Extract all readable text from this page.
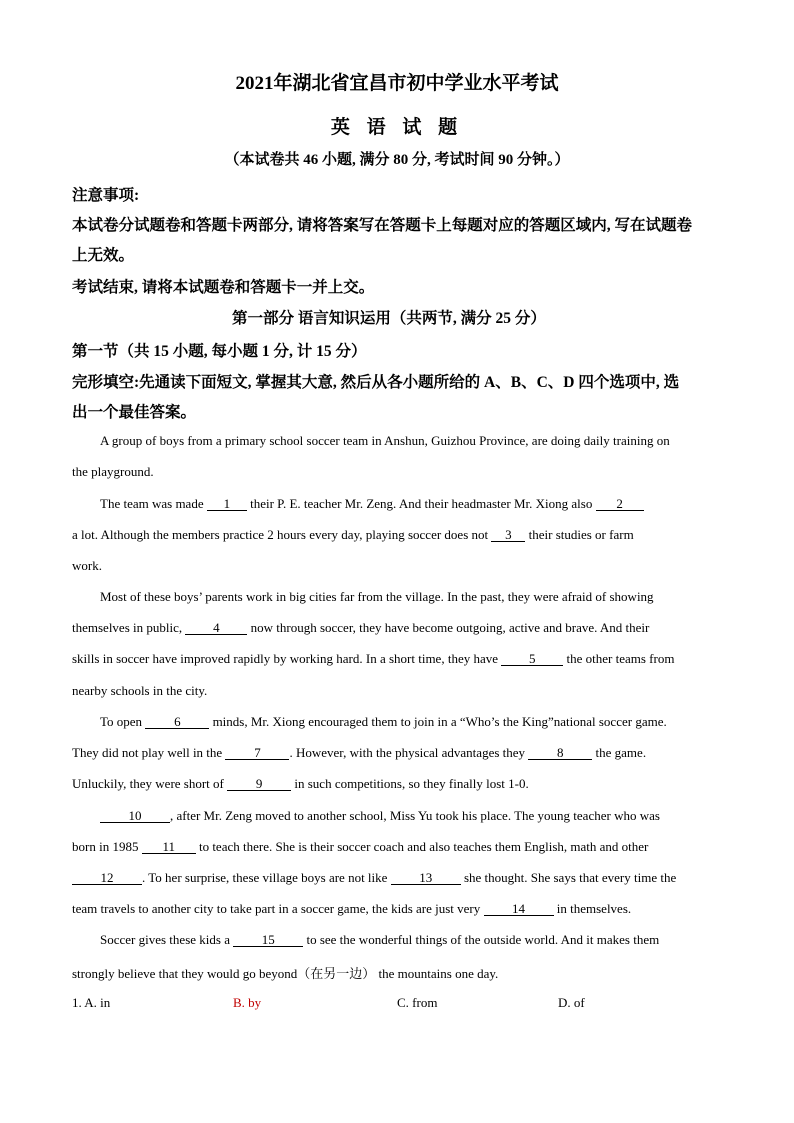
2021年湖北省宜昌市初中学业水平考试
英 语 试 题
（本试卷共 46 小题, 满分 80 分, 考试时间 90 分钟。）
注意事项:
本试卷分试题卷和答题卡两部分, 请将答案写在答题卡上每题对应的答题区域内, 写在试题卷
上无效。
考试结束, 请将本试题卷和答题卡一并上交。
第一部分 语言知识运用（共两节, 满分 25 分）
第一节（共 15 小题, 每小题 1 分, 计 15 分）
完形填空:先通读下面短文, 掌握其大意, 然后从各小题所给的 A、B、C、D 四个选项中, 选
出一个最佳答案。
A group of boys from a primary school soccer team in Anshun, Guizhou Province, are doing daily training on
the playground.
The team was made 1 their P. E. teacher Mr. Zeng. And their headmaster Mr. Xiong also 2
a lot. Although the members practice 2 hours every day, playing soccer does not 3 their studies or farm
work.
Most of these boys’ parents work in big cities far from the village. In the past, they were afraid of showing
themselves in public, 4 now through soccer, they have become outgoing, active and brave. And their
skills in soccer have improved rapidly by working hard. In a short time, they have 5 the other teams from
nearby schools in the city.
To open 6 minds, Mr. Xiong encouraged them to join in a “Who’s the King”national soccer game.
They did not play well in the 7 . However, with the physical advantages they 8 the game.
Unluckily, they were short of 9 in such competitions, so they finally lost 1-0.
10 , after Mr. Zeng moved to another school, Miss Yu took his place. The young teacher who was
born in 1985 11 to teach there. She is their soccer coach and also teaches them English, math and other
12 . To her surprise, these village boys are not like 13 she thought. She says that every time the
team travels to another city to take part in a soccer game, the kids are just very 14 in themselves.
Soccer gives these kids a 15 to see the wonderful things of the outside world. And it makes them
strongly believe that they would go beyond（在另一边） the mountains one day.
1. A. in	B. by	C. from	D. of
